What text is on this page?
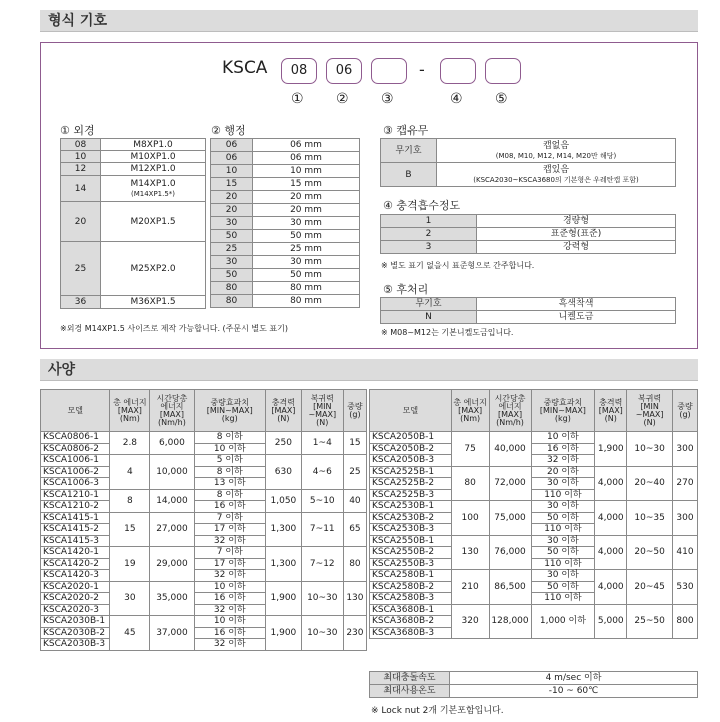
형식 기호
KSCA	08	06	-
① ② ③	④ ⑤
① 외경
08	M8XP1.0
10	M10XP1.0
12	M12XP1.0
14	M14XP1.0
(M14XP1.5*)

20	M20XP1.5
25	M25XP2.0
36	M36XP1.5
※외경 M14XP1.5 사이즈로 제작 가능합니다. (주문시 별도 표기)
② 행정
06	06 mm
06	06 mm
10	10 mm
15	15 mm
20	20 mm
20	20 mm
30	30 mm
50	50 mm
25	25 mm
30	30 mm
50	50 mm
80	80 mm
80	80 mm
③ 캡유무
무기호	캡없음
(M08, M10, M12, M14, M20만 해당)

B	캡있음
(KSCA2030~KSCA3680의 기본형은 우레탄캡 포함)
④ 충격흡수정도
1	경량형
2	표준형(표준)
3	강력형
※ 별도 표기 없을시 표준형으로 간주합니다.
⑤ 후처리
무기호	흑색착색
N	니켈도금
※ M08~M12는 기본니켈도금입니다.
사양
모델	총 에너지
[MAX]
(Nm)	시간당총
에너지
[MAX]
(Nm/h)	중량효과치
[MIN~MAX]
(kg)	충격력
[MAX]
(N)	복귀력
[MIN
~MAX]
(N)	중량
(g)
KSCA0806-1	2.8	6,000	8 이하	250	1~4	15
KSCA0806-2			10 이하			
KSCA1006-1	4	10,000	5 이하	630	4~6	25
KSCA1006-2			8 이하			
KSCA1006-3			13 이하			
KSCA1210-1	8	14,000	8 이하	1,050	5~10	40
KSCA1210-2			16 이하			
KSCA1415-1	15	27,000	7 이하	1,300	7~11	65
KSCA1415-2			17 이하			
KSCA1415-3			32 이하			
KSCA1420-1	19	29,000	7 이하	1,300	7~12	80
KSCA1420-2			17 이하			
KSCA1420-3			32 이하			
KSCA2020-1	30	35,000	10 이하	1,900	10~30	130
KSCA2020-2			16 이하			
KSCA2020-3			32 이하			
KSCA2030B-1	45	37,000	10 이하	1,900	10~30	230
KSCA2030B-2			16 이하			
KSCA2030B-3			32 이하			
모델	총 에너지
[MAX]
(Nm)	시간당총
에너지
[MAX]
(Nm/h)	중량효과치
[MIN~MAX]
(kg)	충격력
[MAX]
(N)	복귀력
[MIN
~MAX]
(N)	중량
(g)
KSCA2050B-1	75	40,000	10 이하	1,900	10~30	300
KSCA2050B-2			16 이하			
KSCA2050B-3			32 이하			
KSCA2525B-1	80	72,000	20 이하	4,000	20~40	270
KSCA2525B-2			30 이하			
KSCA2525B-3			110 이하			
KSCA2530B-1	100	75,000	30 이하	4,000	10~35	300
KSCA2530B-2			50 이하			
KSCA2530B-3			110 이하			
KSCA2550B-1	130	76,000	30 이하	4,000	20~50	410
KSCA2550B-2			50 이하			
KSCA2550B-3			110 이하			
KSCA2580B-1	210	86,500	30 이하	4,000	20~45	530
KSCA2580B-2			50 이하			
KSCA2580B-3			110 이하			
KSCA3680B-1	320	128,000	1,000 이하	5,000	25~50	800
KSCA3680B-2						
KSCA3680B-3						
최대충돌속도	4 m/sec 이하
최대사용온도	-10 ~ 60℃
※ Lock nut 2개 기본포함입니다.
